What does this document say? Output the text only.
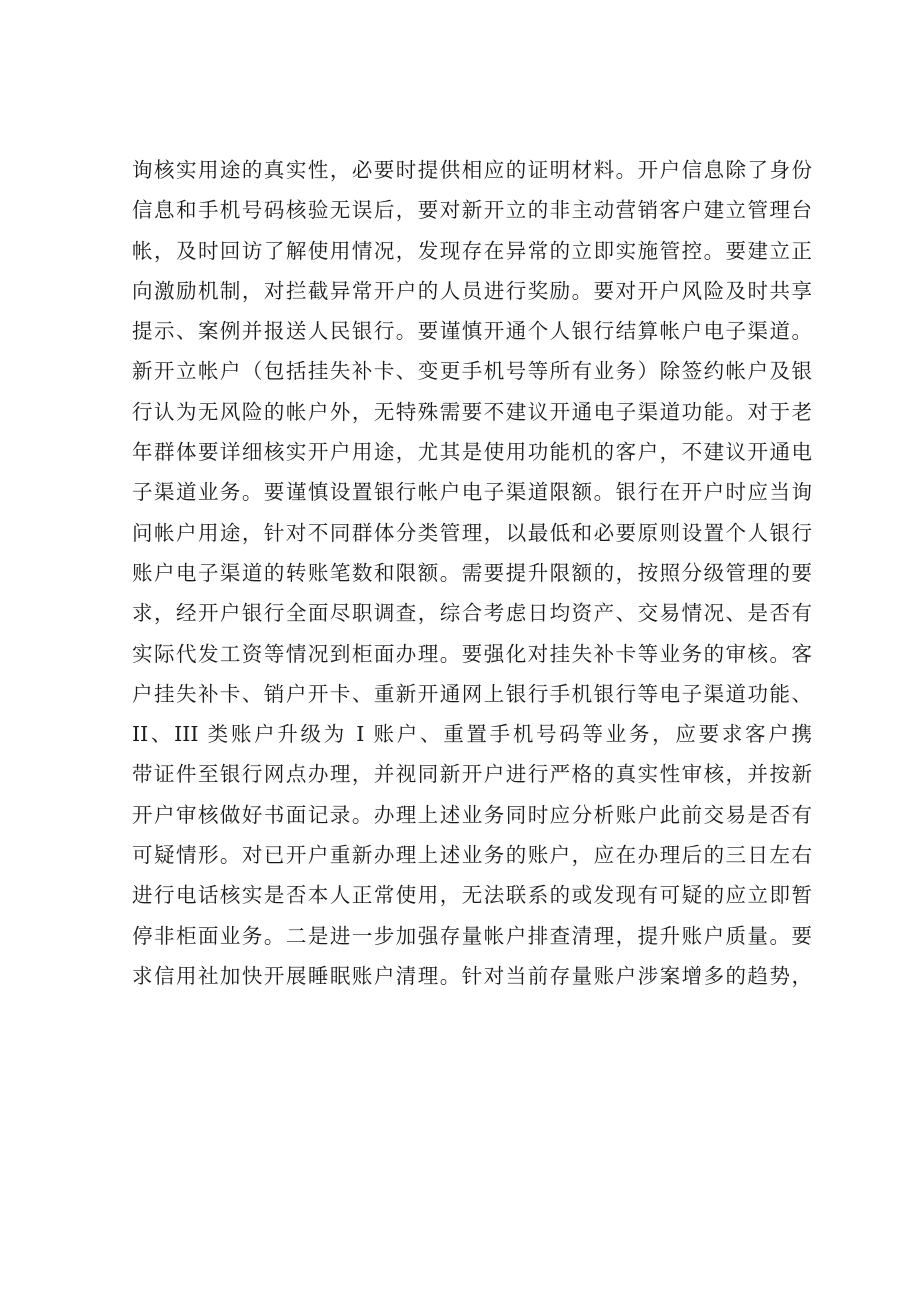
询核实用途的真实性，必要时提供相应的证明材料。开户信息除了身份
信息和手机号码核验无误后，要对新开立的非主动营销客户建立管理台
帐，及时回访了解使用情况，发现存在异常的立即实施管控。要建立正
向激励机制，对拦截异常开户的人员进行奖励。要对开户风险及时共享
提示、案例并报送人民银行。要谨慎开通个人银行结算帐户电子渠道。
新开立帐户（包括挂失补卡、变更手机号等所有业务）除签约帐户及银
行认为无风险的帐户外，无特殊需要不建议开通电子渠道功能。对于老
年群体要详细核实开户用途，尤其是使用功能机的客户，不建议开通电
子渠道业务。要谨慎设置银行帐户电子渠道限额。银行在开户时应当询
问帐户用途，针对不同群体分类管理，以最低和必要原则设置个人银行
账户电子渠道的转账笔数和限额。需要提升限额的，按照分级管理的要
求，经开户银行全面尽职调查，综合考虑日均资产、交易情况、是否有
实际代发工资等情况到柜面办理。要强化对挂失补卡等业务的审核。客
户挂失补卡、销户开卡、重新开通网上银行手机银行等电子渠道功能、
II、III 类账户升级为 I 账户、重置手机号码等业务，应要求客户携
带证件至银行网点办理，并视同新开户进行严格的真实性审核，并按新
开户审核做好书面记录。办理上述业务同时应分析账户此前交易是否有
可疑情形。对已开户重新办理上述业务的账户，应在办理后的三日左右
进行电话核实是否本人正常使用，无法联系的或发现有可疑的应立即暂
停非柜面业务。二是进一步加强存量帐户排查清理，提升账户质量。要
求信用社加快开展睡眠账户清理。针对当前存量账户涉案增多的趋势，
